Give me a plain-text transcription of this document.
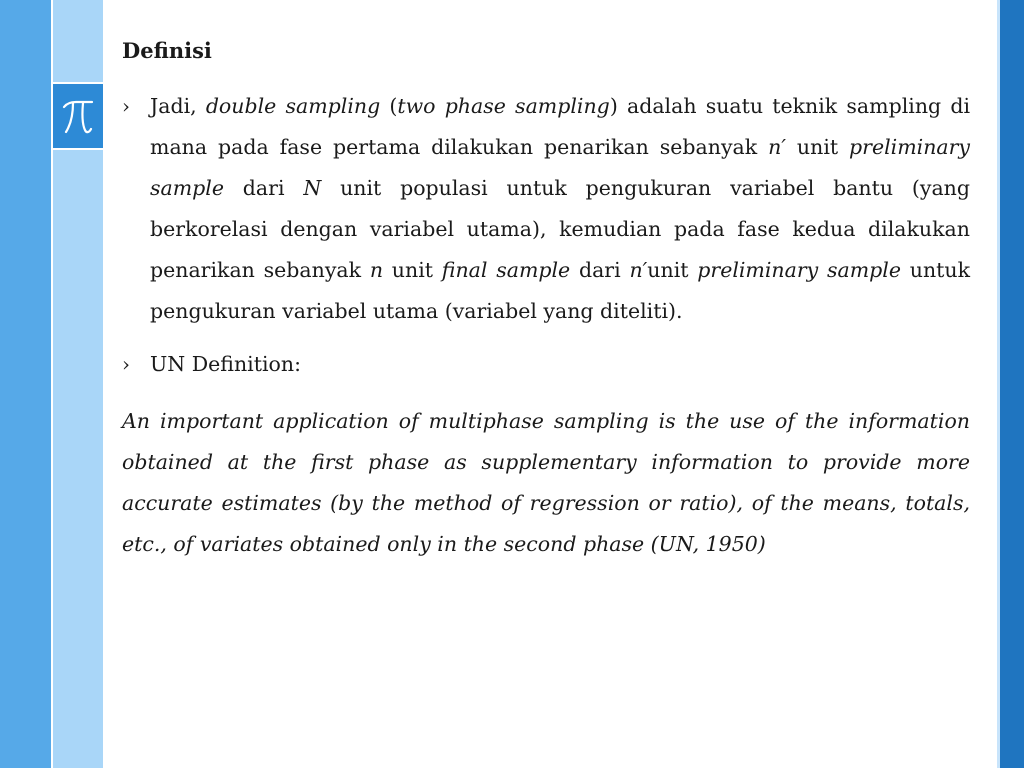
Definisi
› Jadi, double sampling (two phase sampling) adalah suatu teknik sampling di mana pada fase pertama dilakukan penarikan sebanyak n′ unit preliminary sample dari N unit populasi untuk pengukuran variabel bantu (yang berkorelasi dengan variabel utama), kemudian pada fase kedua dilakukan penarikan sebanyak n unit final sample dari n′unit preliminary sample untuk pengukuran variabel utama (variabel yang diteliti).

› UN Definition:

An important application of multiphase sampling is the use of the information obtained at the first phase as supplementary information to provide more accurate estimates (by the method of regression or ratio), of the means, totals, etc., of variates obtained only in the second phase (UN, 1950)
